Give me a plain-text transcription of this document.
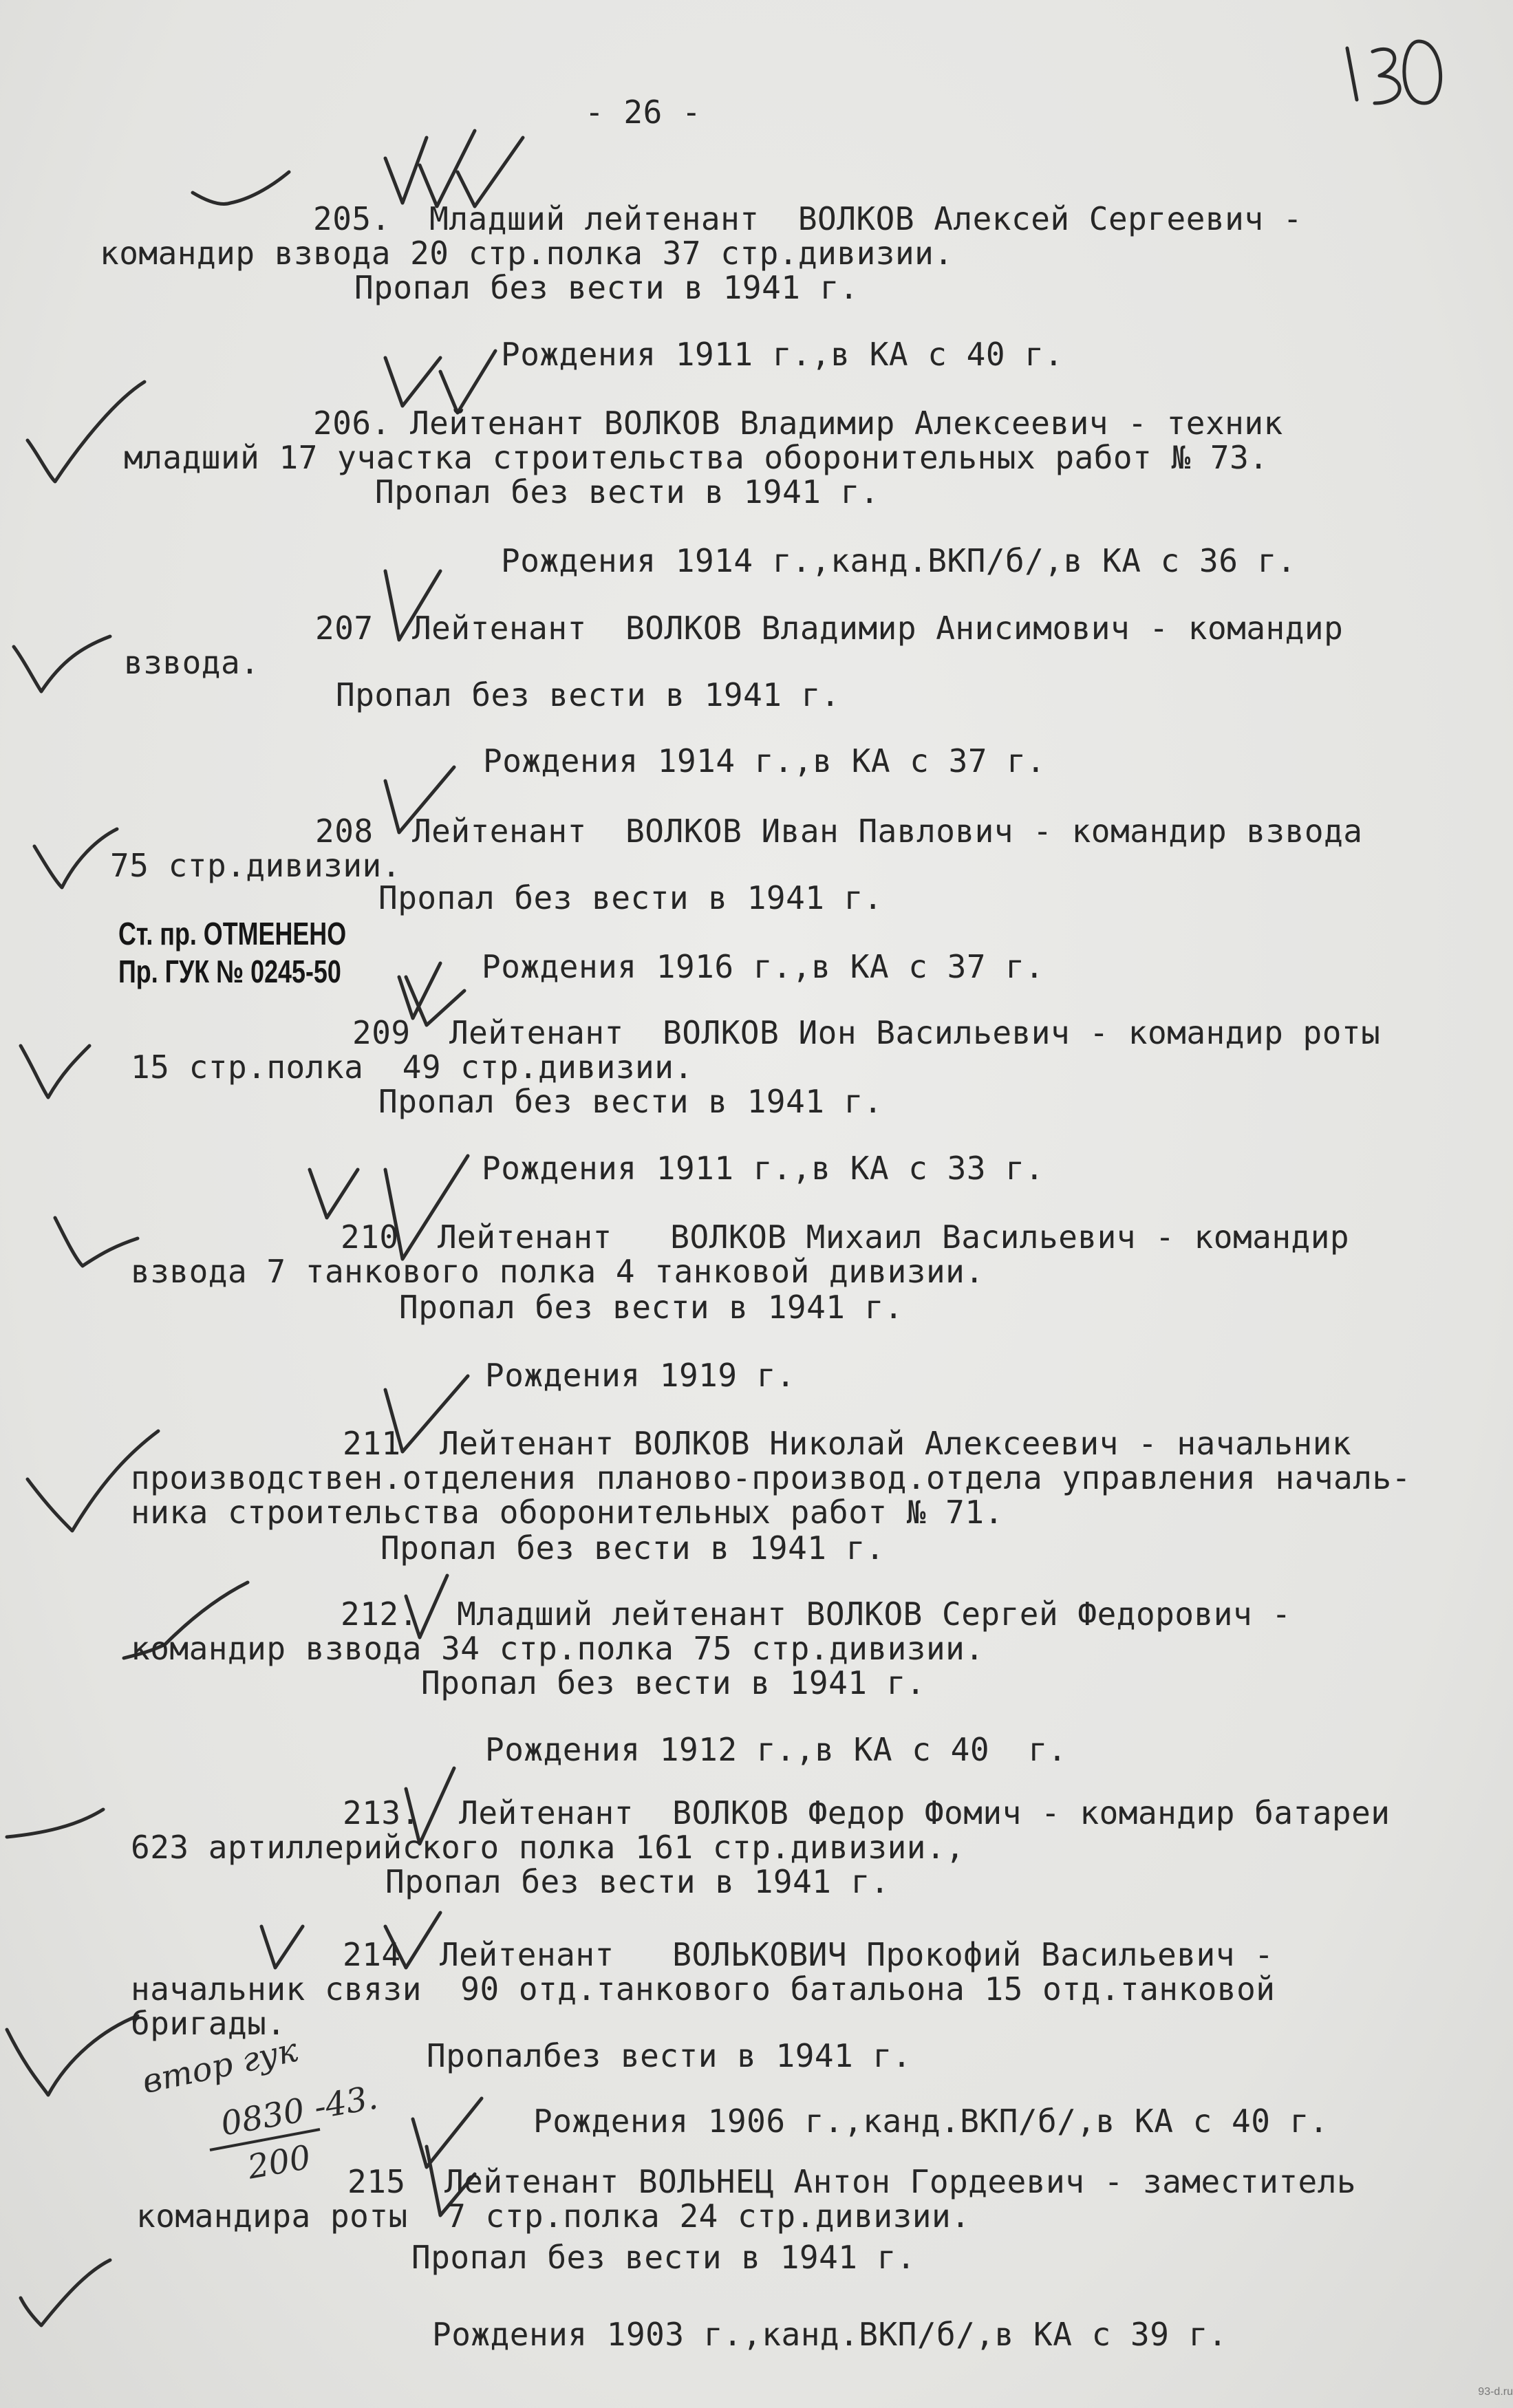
- 26 -
205.  Младший лейтенант  ВОЛКОВ Алексей Сергеевич -
командир взвода 20 стр.полка 37 стр.дивизии.
Пропал без вести в 1941 г.
Рождения 1911 г.,в КА с 40 г.
206. Лейтенант ВОЛКОВ Владимир Алексеевич - техник
младший 17 участка строительства оборонительных работ № 73.
Пропал без вести в 1941 г.
Рождения 1914 г.,канд.ВКП/б/,в КА с 36 г.
207  Лейтенант  ВОЛКОВ Владимир Анисимович - командир
взвода.
Пропал без вести в 1941 г.
Рождения 1914 г.,в КА с 37 г.
208  Лейтенант  ВОЛКОВ Иван Павлович - командир взвода
75 стр.дивизии.
Пропал без вести в 1941 г.
Рождения 1916 г.,в КА с 37 г.
Ст. пр. ОТМЕНЕНО
Пр. ГУК № 0245-50
209  Лейтенант  ВОЛКОВ Ион Васильевич - командир роты
15 стр.полка  49 стр.дивизии.
Пропал без вести в 1941 г.
Рождения 1911 г.,в КА с 33 г.
210  Лейтенант   ВОЛКОВ Михаил Васильевич - командир
взвода 7 танкового полка 4 танковой дивизии.
Пропал без вести в 1941 г.
Рождения 1919 г.
211  Лейтенант ВОЛКОВ Николай Алексеевич - начальник
производствен.отделения планово-производ.отдела управления началь-
ника строительства оборонительных работ № 71.
Пропал без вести в 1941 г.
212.  Младший лейтенант ВОЛКОВ Сергей Федорович -
командир взвода 34 стр.полка 75 стр.дивизии.
Пропал без вести в 1941 г.
Рождения 1912 г.,в КА с 40  г.
213.  Лейтенант  ВОЛКОВ Федор Фомич - командир батареи
623 артиллерийского полка 161 стр.дивизии.,
Пропал без вести в 1941 г.
214  Лейтенант   ВОЛЬКОВИЧ Прокофий Васильевич -
начальник связи  90 отд.танкового батальона 15 отд.танковой
бригады.
Пропалбез вести в 1941 г.
Рождения 1906 г.,канд.ВКП/б/,в КА с 40 г.
втор гук
0830 -43.
200 215  Лейтенант ВОЛЬНЕЦ Антон Гордеевич - заместитель
командира роты  7 стр.полка 24 стр.дивизии.
Пропал без вести в 1941 г.
Рождения 1903 г.,канд.ВКП/б/,в КА с 39 г.
93-d.ru
